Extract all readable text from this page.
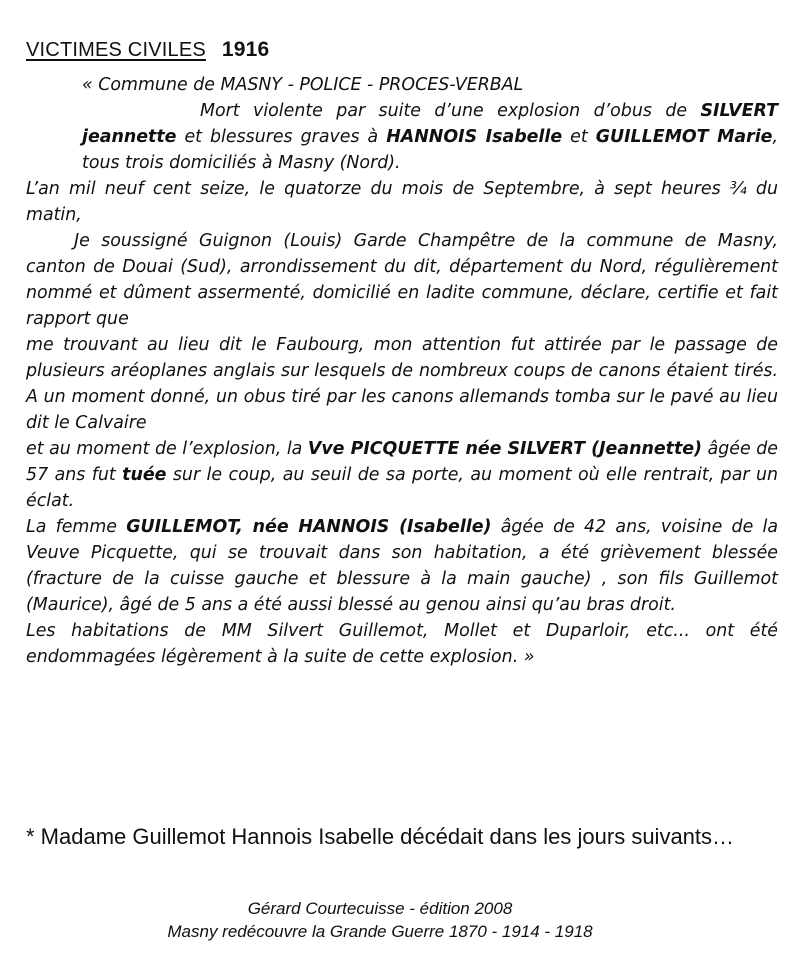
VICTIMES CIVILES 1916

« Commune de MASNY - POLICE - PROCES-VERBAL

Mort violente par suite d’une explosion d’obus de SILVERT jeannette et blessures graves à HANNOIS Isabelle et GUILLEMOT Marie, tous trois domiciliés à Masny (Nord).

L’an mil neuf cent seize, le quatorze du mois de Septembre, à sept heures ¾ du matin,

Je soussigné Guignon (Louis) Garde Champêtre de la commune de Masny, canton de Douai (Sud), arrondissement du dit, département du Nord, régulièrement nommé et dûment assermenté, domicilié en ladite commune, déclare, certifie et fait rapport que

me trouvant au lieu dit le Faubourg, mon attention fut attirée par le passage de plusieurs aréoplanes anglais sur lesquels de nombreux coups de canons étaient tirés. A un moment donné, un obus tiré par les canons allemands tomba sur le pavé au lieu dit le Calvaire

et au moment de l’explosion, la Vve PICQUETTE née SILVERT (Jeannette) âgée de 57 ans fut tuée sur le coup, au seuil de sa porte, au moment où elle rentrait, par un éclat.

La femme GUILLEMOT, née HANNOIS (Isabelle) âgée de 42 ans, voisine de la Veuve Picquette, qui se trouvait dans son habitation, a été grièvement blessée (fracture de la cuisse gauche et blessure à la main gauche) , son fils Guillemot (Maurice), âgé de 5 ans a été aussi blessé au genou ainsi qu’au bras droit.

Les habitations de MM Silvert Guillemot, Mollet et Duparloir, etc... ont été endommagées légèrement à la suite de cette explosion. »

* Madame Guillemot Hannois Isabelle décédait dans les jours suivants…
Gérard Courtecuisse - édition 2008
Masny redécouvre la Grande Guerre 1870 - 1914 - 1918
